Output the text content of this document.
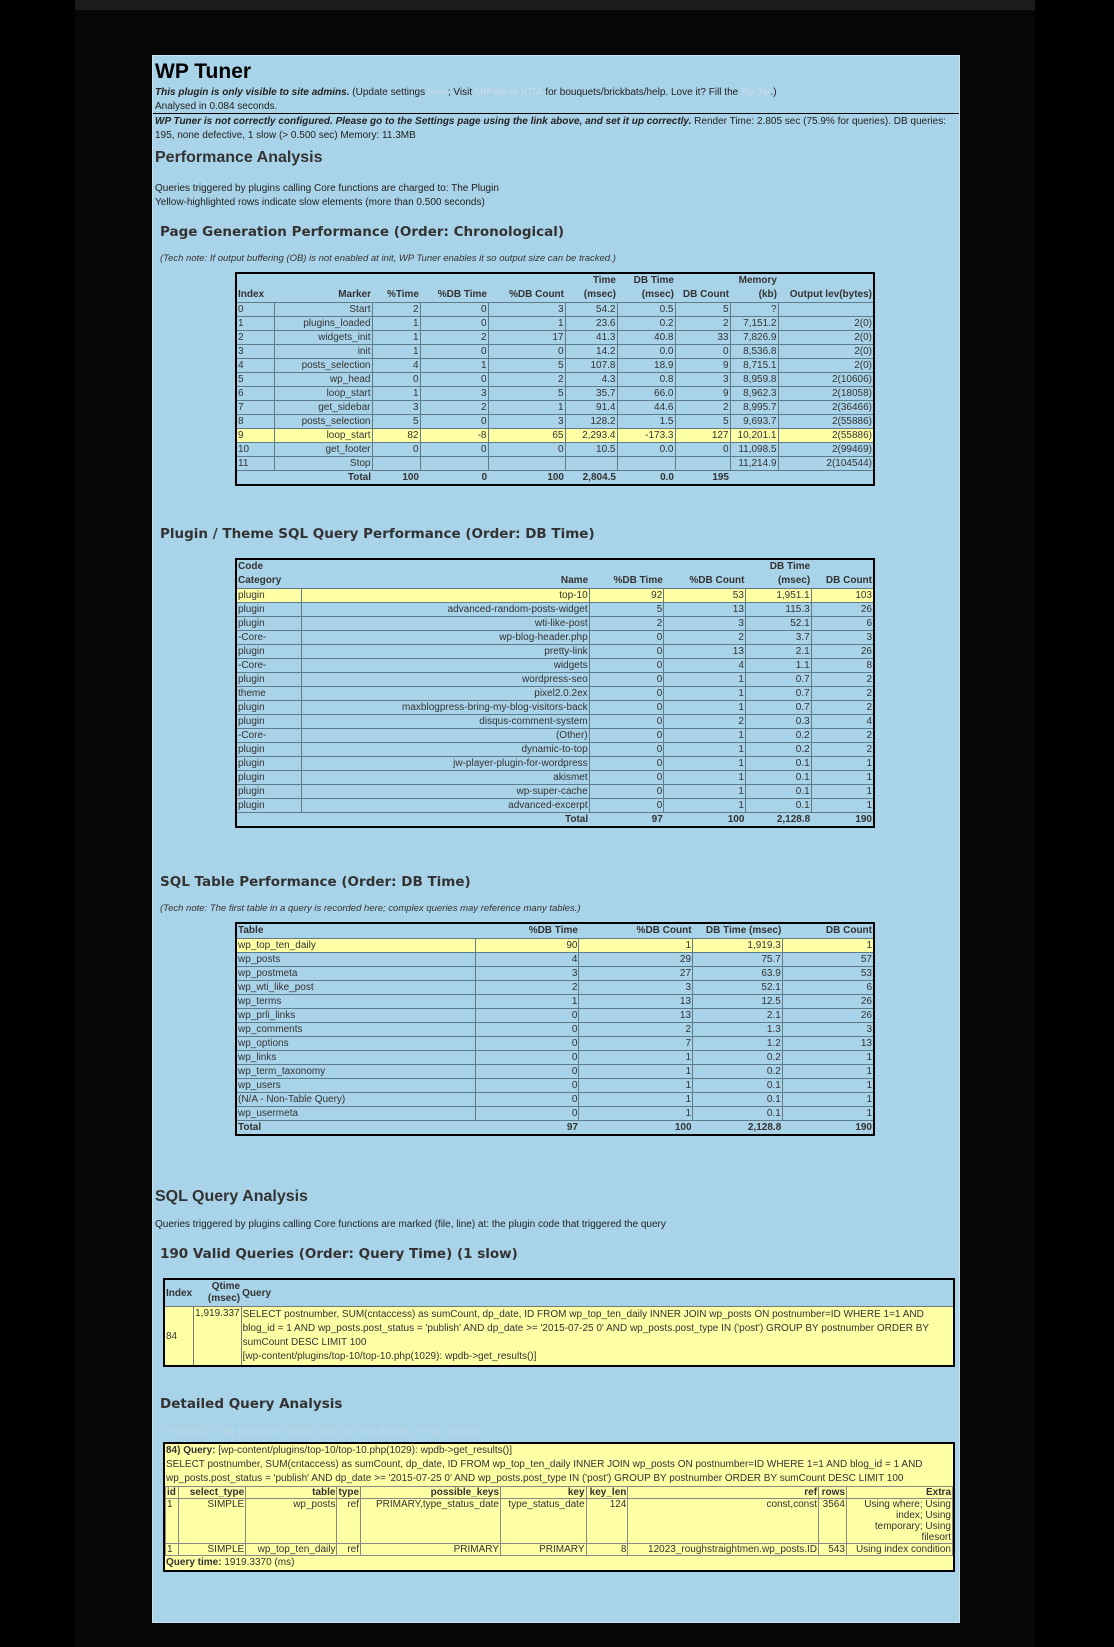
WP Tuner
This plugin is only visible to site admins. (Update settings here; Visit MrPete at ICTA for bouquets/brickbats/help. Love it? Fill the Tip Jar.)
Analysed in 0.084 seconds.
WP Tuner is not correctly configured. Please go to the Settings page using the link above, and set it up correctly. Render Time: 2.805 sec (75.9% for queries). DB queries: 195, none defective, 1 slow (> 0.500 sec) Memory: 11.3MB
Performance Analysis
Queries triggered by plugins calling Core functions are charged to: The Plugin
Yellow-highlighted rows indicate slow elements (more than 0.500 seconds)
Page Generation Performance (Order: Chronological)
(Tech note: If output buffering (OB) is not enabled at init, WP Tuner enables it so output size can be tracked.)
Index	Marker	%Time	%DB Time	%DB Count	Time (msec)	DB Time (msec)	DB Count	Memory (kb)	Output lev(bytes)
0	Start	2	0	3	54.2	0.5	5	?	
1	plugins_loaded	1	0	1	23.6	0.2	2	7,151.2	2(0)
2	widgets_init	1	2	17	41.3	40.8	33	7,826.9	2(0)
3	init	1	0	0	14.2	0.0	0	8,536.8	2(0)
4	posts_selection	4	1	5	107.8	18.9	9	8,715.1	2(0)
5	wp_head	0	0	2	4.3	0.8	3	8,959.8	2(10606)
6	loop_start	1	3	5	35.7	66.0	9	8,962.3	2(18058)
7	get_sidebar	3	2	1	91.4	44.6	2	8,995.7	2(36466)
8	posts_selection	5	0	3	128.2	1.5	5	9,693.7	2(55886)
9	loop_start	82	-8	65	2,293.4	-173.3	127	10,201.1	2(55886)
10	get_footer	0	0	0	10.5	0.0	0	11,098.5	2(99469)
11	Stop							11,214.9	2(104544)
	Total	100	0	100	2,804.5	0.0	195		
Plugin / Theme SQL Query Performance (Order: DB Time)
Code Category	Name	%DB Time	%DB Count	DB Time (msec)	DB Count
plugin	top-10	92	53	1,951.1	103
plugin	advanced-random-posts-widget	5	13	115.3	26
plugin	wti-like-post	2	3	52.1	6
-Core-	wp-blog-header.php	0	2	3.7	3
plugin	pretty-link	0	13	2.1	26
-Core-	widgets	0	4	1.1	8
plugin	wordpress-seo	0	1	0.7	2
theme	pixel2.0.2ex	0	1	0.7	2
plugin	maxblogpress-bring-my-blog-visitors-back	0	1	0.7	2
plugin	disqus-comment-system	0	2	0.3	4
-Core-	(Other)	0	1	0.2	2
plugin	dynamic-to-top	0	1	0.2	2
plugin	jw-player-plugin-for-wordpress	0	1	0.1	1
plugin	akismet	0	1	0.1	1
plugin	wp-super-cache	0	1	0.1	1
plugin	advanced-excerpt	0	1	0.1	1
	Total	97	100	2,128.8	190
SQL Table Performance (Order: DB Time)
(Tech note: The first table in a query is recorded here; complex queries may reference many tables.)
Table	%DB Time	%DB Count	DB Time (msec)	DB Count
wp_top_ten_daily	90	1	1,919.3	1
wp_posts	4	29	75.7	57
wp_postmeta	3	27	63.9	53
wp_wti_like_post	2	3	52.1	6
wp_terms	1	13	12.5	26
wp_prli_links	0	13	2.1	26
wp_comments	0	2	1.3	3
wp_options	0	7	1.2	13
wp_links	0	1	0.2	1
wp_term_taxonomy	0	1	0.2	1
wp_users	0	1	0.1	1
(N/A - Non-Table Query)	0	1	0.1	1
wp_usermeta	0	1	0.1	1
Total	97	100	2,128.8	190
SQL Query Analysis
Queries triggered by plugins calling Core functions are marked (file, line) at: the plugin code that triggered the query
190 Valid Queries (Order: Query Time) (1 slow)
Index	Qtime (msec)	Query
84	1,919.337	SELECT postnumber, SUM(cntaccess) as sumCount, dp_date, ID FROM wp_top_ten_daily INNER JOIN wp_posts ON postnumber=ID WHERE 1=1 AND blog_id = 1 AND wp_posts.post_status = 'publish' AND dp_date >= '2015-07-25 0' AND wp_posts.post_type IN ('post') GROUP BY postnumber ORDER BY sumCount DESC LIMIT 100
[wp-content/plugins/top-10/top-10.php(1029): wpdb->get_results()]
Detailed Query Analysis
The MySQL Site provides helpful hints on the details in this section.
84) Query: [wp-content/plugins/top-10/top-10.php(1029): wpdb->get_results()]
SELECT postnumber, SUM(cntaccess) as sumCount, dp_date, ID FROM wp_top_ten_daily INNER JOIN wp_posts ON postnumber=ID WHERE 1=1 AND blog_id = 1 AND wp_posts.post_status = 'publish' AND dp_date >= '2015-07-25 0' AND wp_posts.post_type IN ('post') GROUP BY postnumber ORDER BY sumCount DESC LIMIT 100
id	select_type	table	type	possible_keys	key	key_len	ref	rows	Extra
1	SIMPLE	wp_posts	ref	PRIMARY,type_status_date	type_status_date	124	const,const	3564	Using where; Using index; Using temporary; Using filesort
1	SIMPLE	wp_top_ten_daily	ref	PRIMARY	PRIMARY	8	12023_roughstraightmen.wp_posts.ID	543	Using index condition
Query time: 1919.3370 (ms)
